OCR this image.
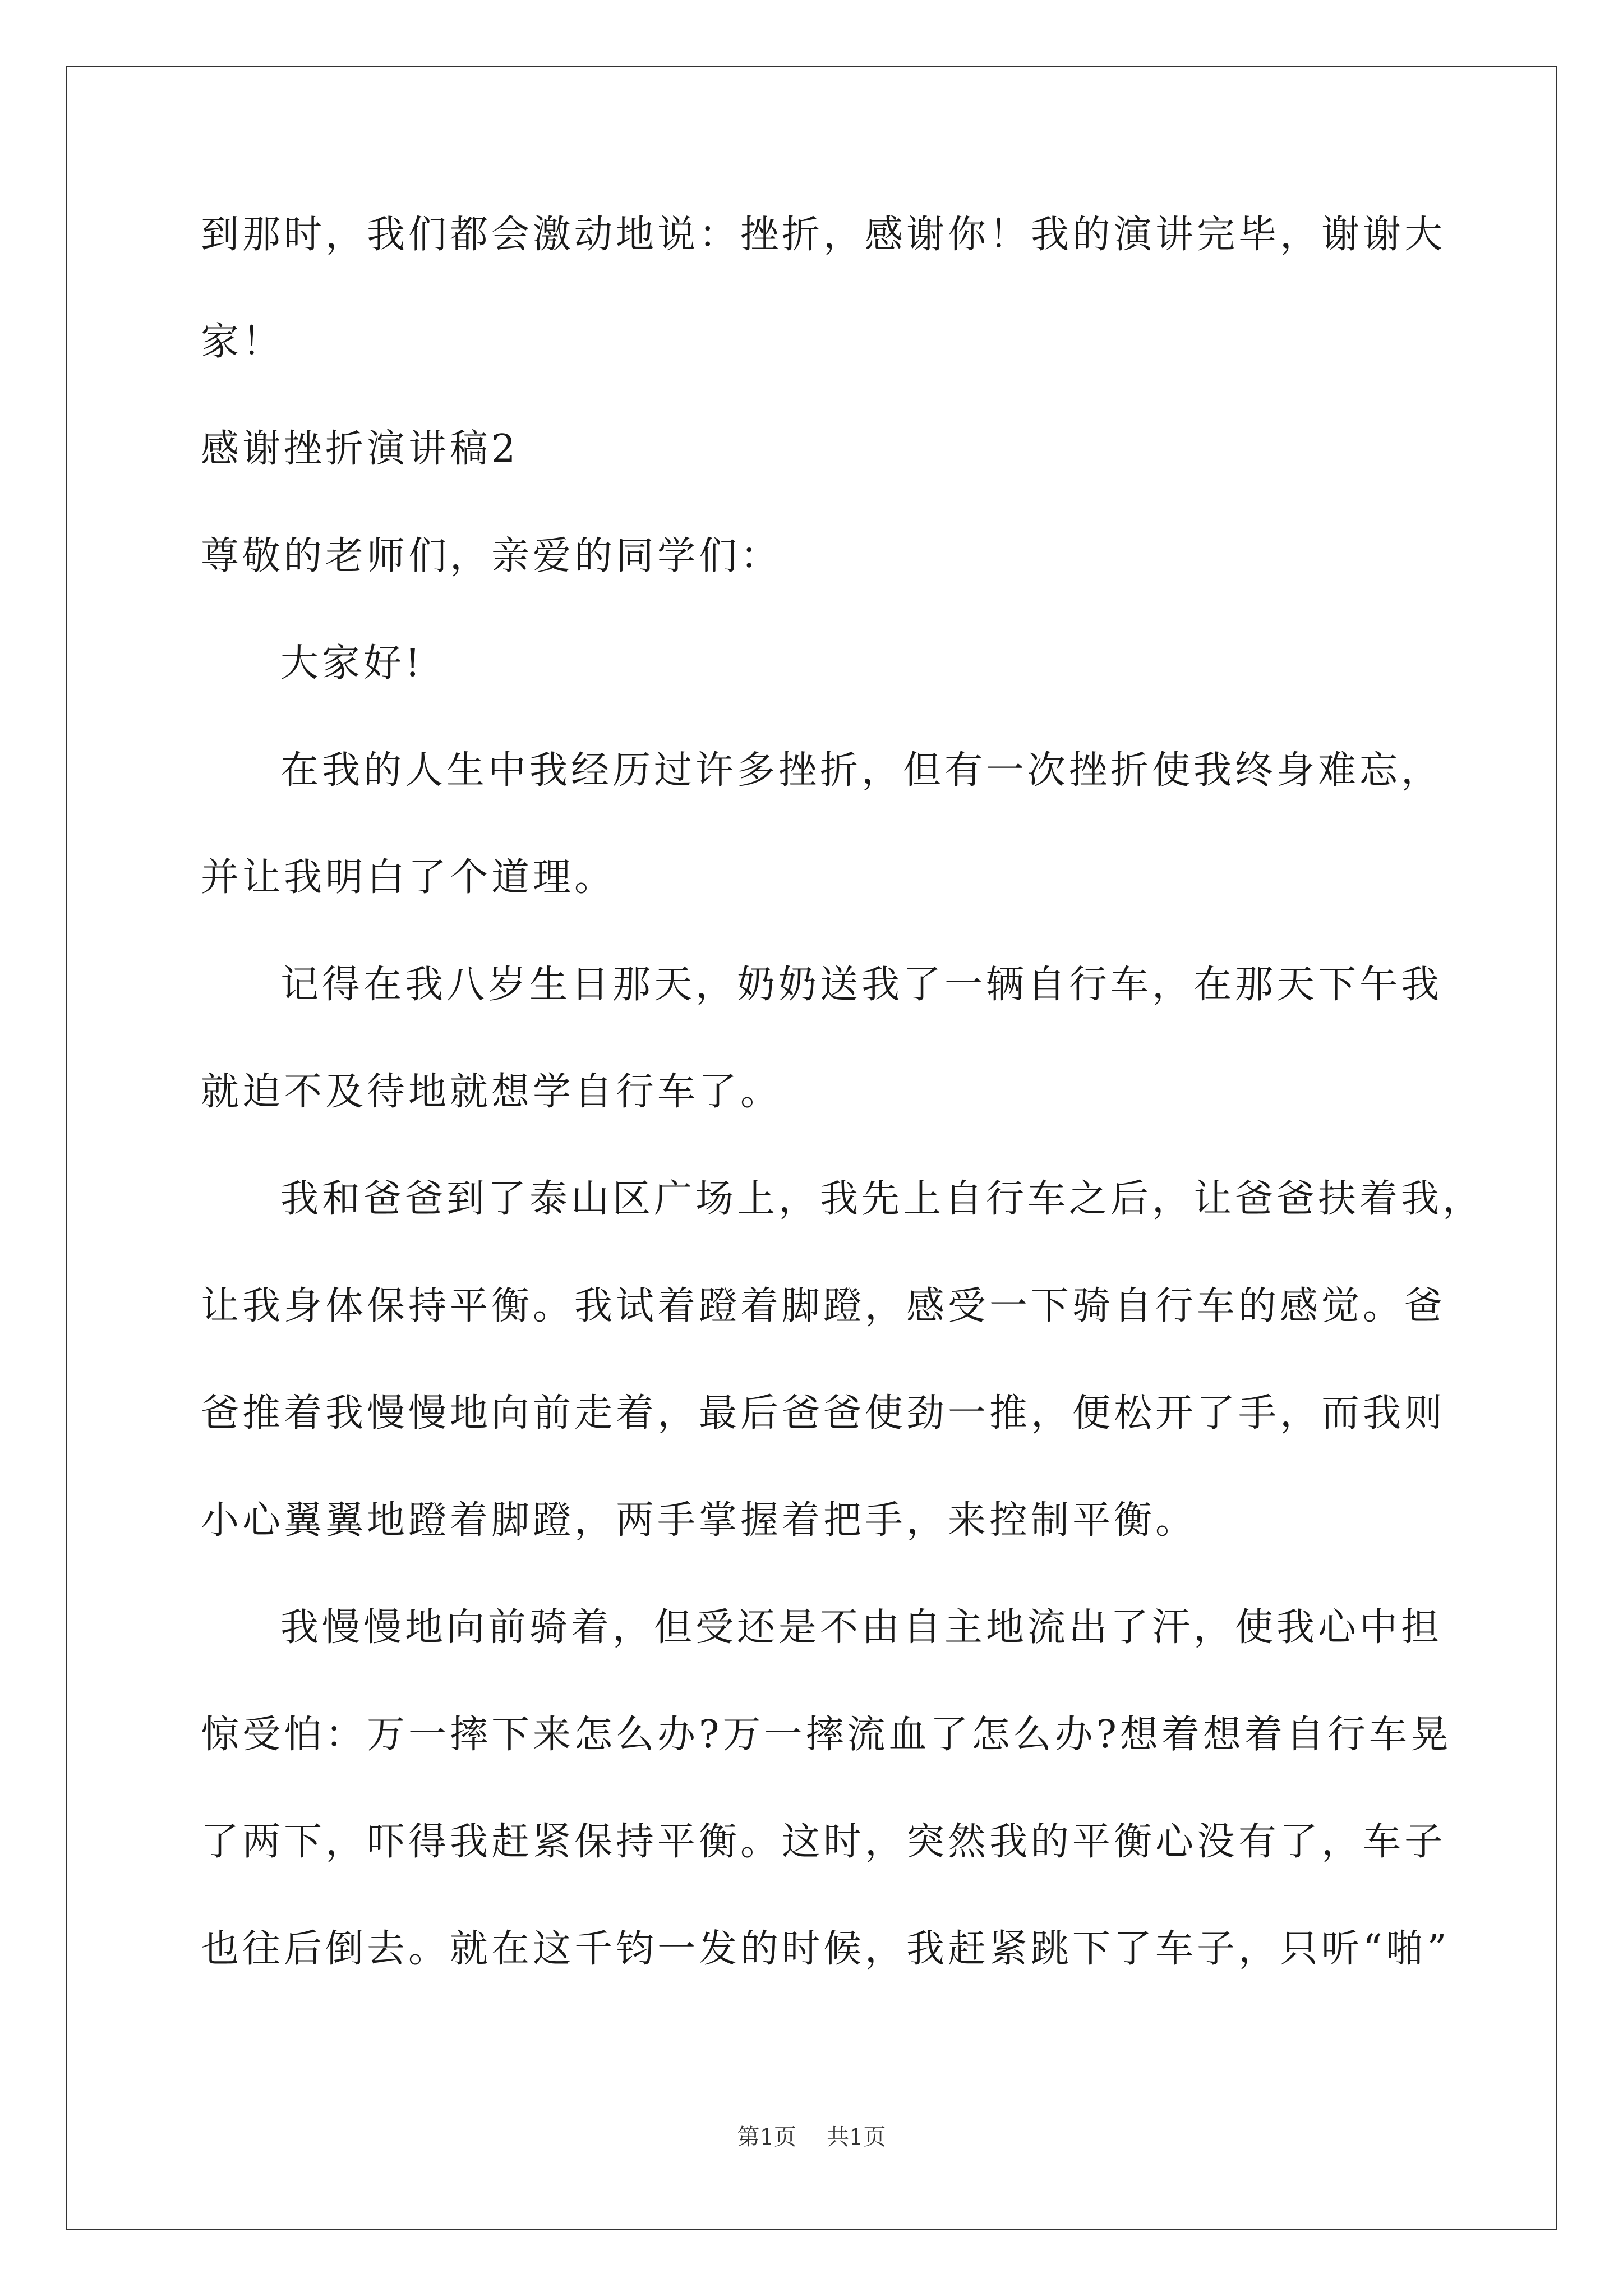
到那时，我们都会激动地说：挫折，感谢你！我的演讲完毕，谢谢大
家！
感谢挫折演讲稿2
尊敬的老师们，亲爱的同学们：
大家好!
在我的人生中我经历过许多挫折，但有一次挫折使我终身难忘，
并让我明白了个道理。
记得在我八岁生日那天，奶奶送我了一辆自行车，在那天下午我
就迫不及待地就想学自行车了。
我和爸爸到了泰山区广场上，我先上自行车之后，让爸爸扶着我，
让我身体保持平衡。我试着蹬着脚蹬，感受一下骑自行车的感觉。爸
爸推着我慢慢地向前走着，最后爸爸使劲一推，便松开了手，而我则
小心翼翼地蹬着脚蹬，两手掌握着把手，来控制平衡。
我慢慢地向前骑着，但受还是不由自主地流出了汗，使我心中担
惊受怕：万一摔下来怎么办?万一摔流血了怎么办?想着想着自行车晃
了两下，吓得我赶紧保持平衡。这时，突然我的平衡心没有了，车子
也往后倒去。就在这千钧一发的时候，我赶紧跳下了车子，只听“啪”
第1页 共1页
